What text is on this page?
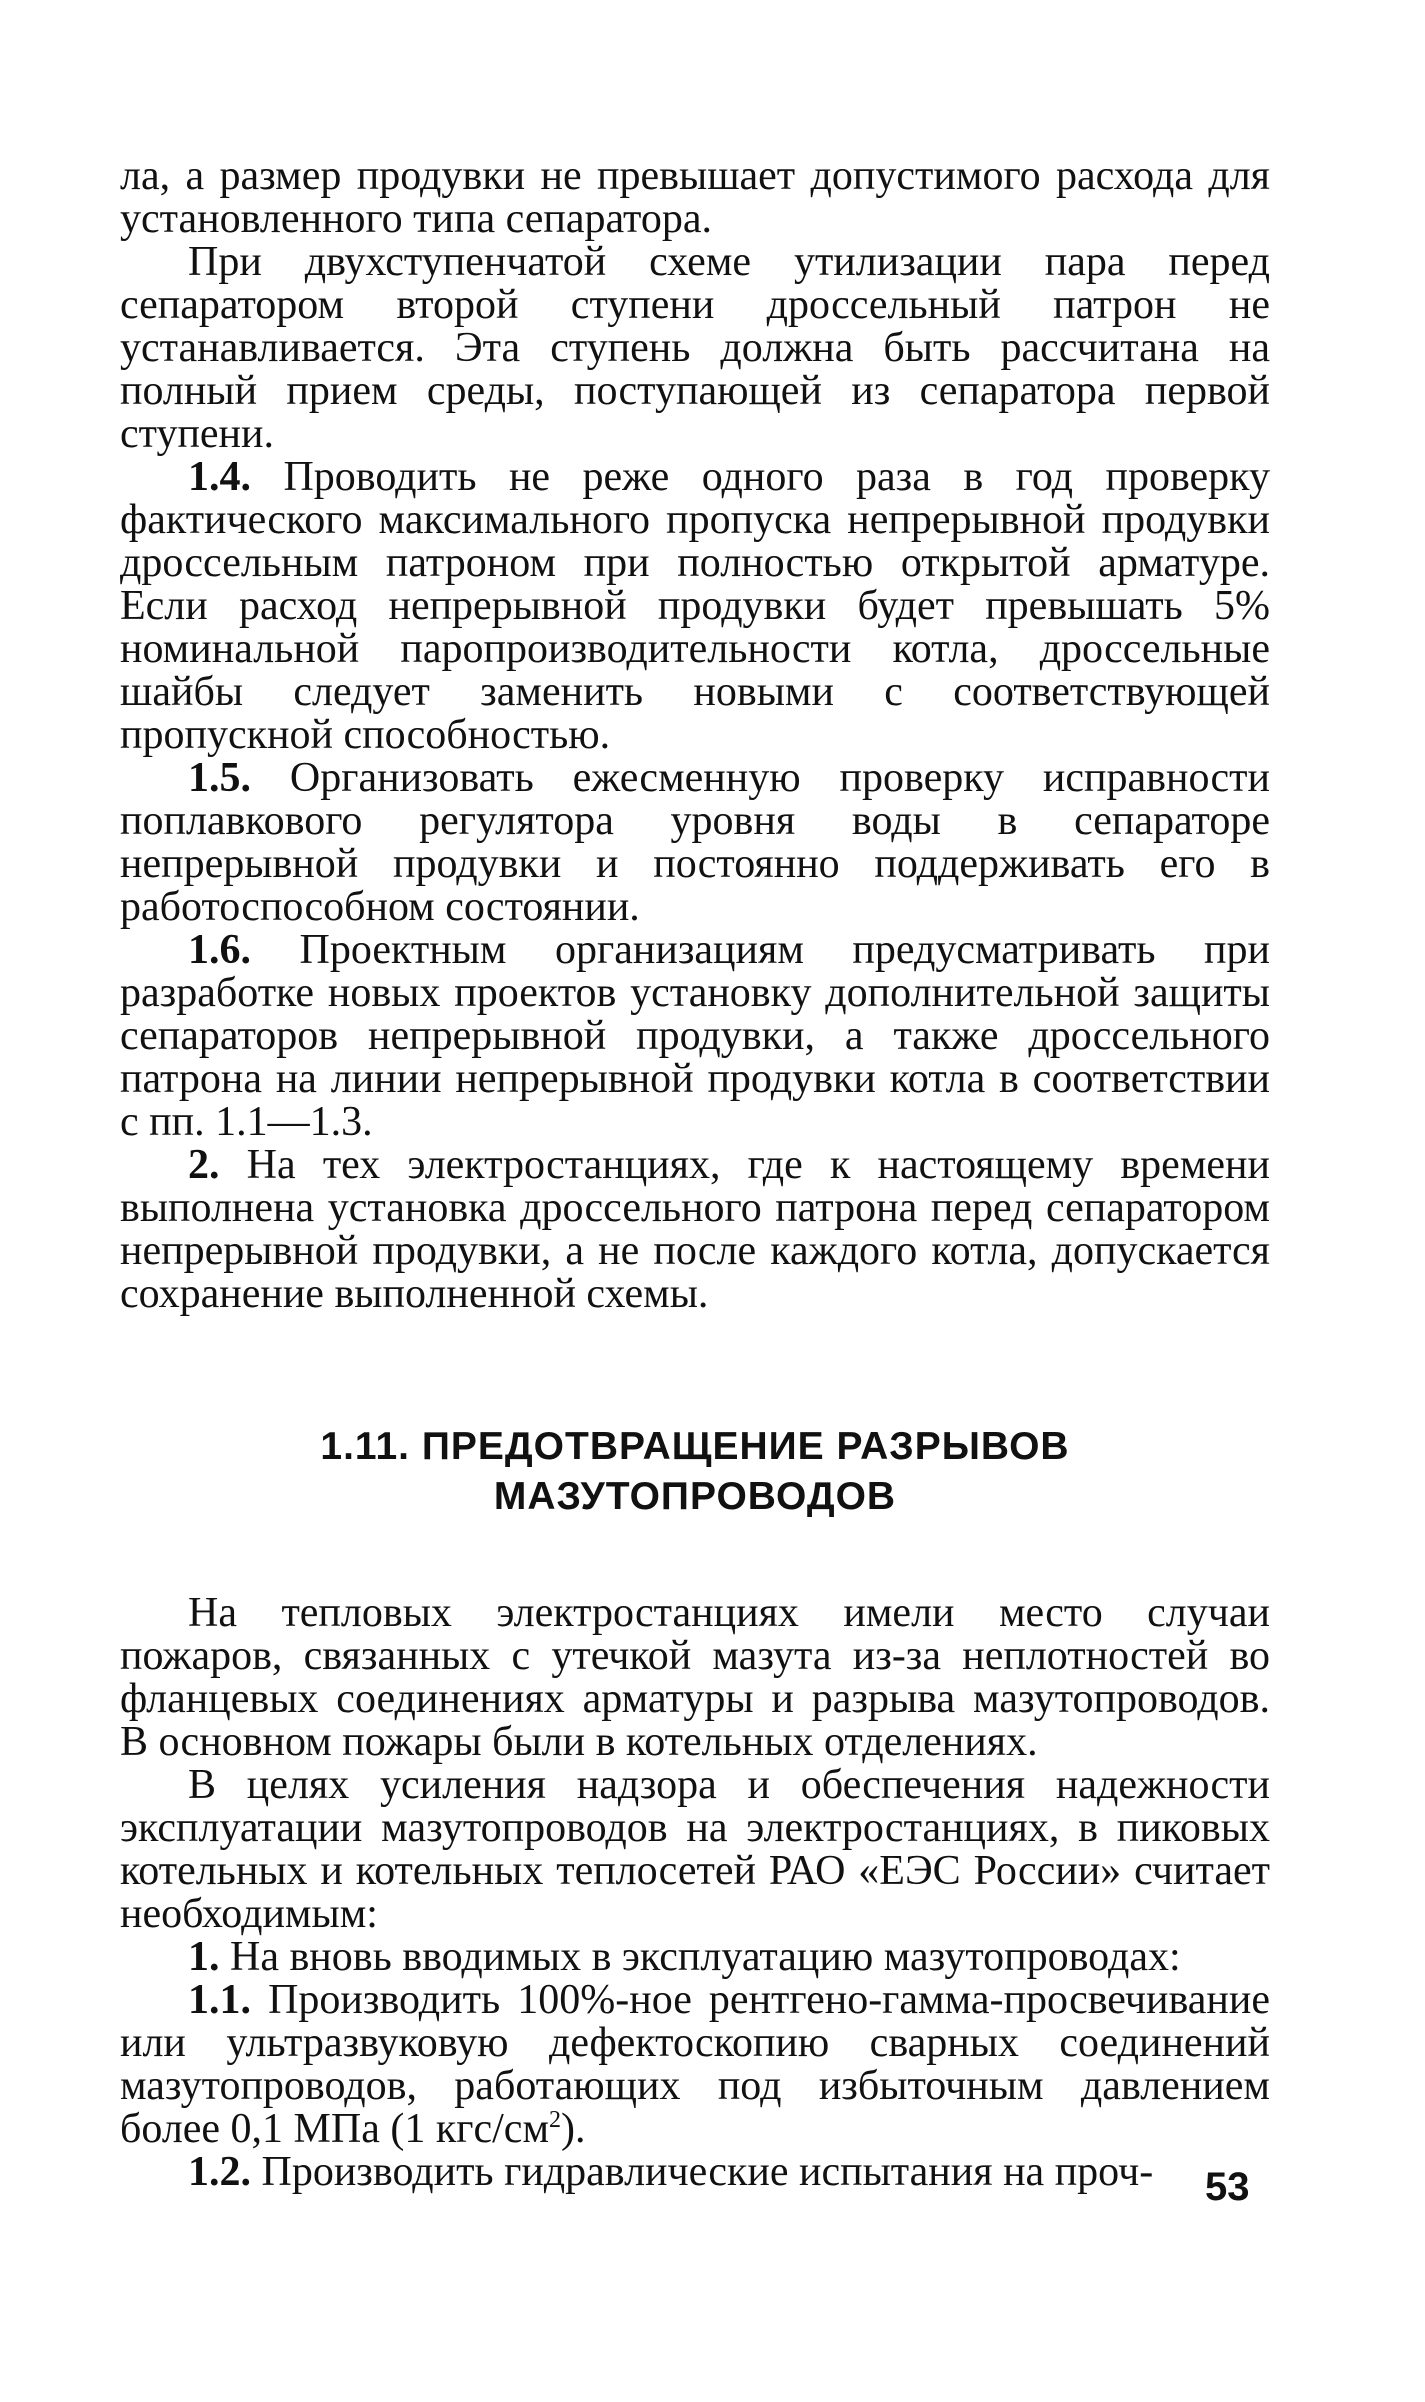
ла, а размер продувки не превышает допустимого расхода для установленного типа сепаратора.

При двухступенчатой схеме утилизации пара перед сепаратором второй ступени дроссельный патрон не устанавливается. Эта ступень должна быть рассчитана на полный прием среды, поступающей из сепаратора первой ступени.

1.4. Проводить не реже одного раза в год проверку фактического максимального пропуска непрерывной продувки дроссельным патроном при полностью открытой арматуре. Если расход непрерывной продувки будет превышать 5% номинальной паропроизводительности котла, дроссельные шайбы следует заменить новыми с соответствующей пропускной способностью.

1.5. Организовать ежесменную проверку исправности поплавкового регулятора уровня воды в сепараторе непрерывной продувки и постоянно поддерживать его в работоспособном состоянии.

1.6. Проектным организациям предусматривать при разработке новых проектов установку дополнительной защиты сепараторов непрерывной продувки, а также дроссельного патрона на линии непрерывной продувки котла в соответствии с пп. 1.1—1.3.

2. На тех электростанциях, где к настоящему времени выполнена установка дроссельного патрона перед сепаратором непрерывной продувки, а не после каждого котла, допускается сохранение выполненной схемы.

1.11. ПРЕДОТВРАЩЕНИЕ РАЗРЫВОВ
МАЗУТОПРОВОДОВ

На тепловых электростанциях имели место случаи пожаров, связанных с утечкой мазута из-за неплотностей во фланцевых соединениях арматуры и разрыва мазутопроводов. В основном пожары были в котельных отделениях.

В целях усиления надзора и обеспечения надежности эксплуатации мазутопроводов на электростанциях, в пиковых котельных и котельных теплосетей РАО «ЕЭС России» считает необходимым:

1. На вновь вводимых в эксплуатацию мазутопроводах:

1.1. Производить 100%-ное рентгено-гамма-просвечивание или ультразвуковую дефектоскопию сварных соединений мазутопроводов, работающих под избыточным давлением более 0,1 МПа (1 кгс/$см^2$).

1.2. Производить гидравлические испытания на проч-	53
